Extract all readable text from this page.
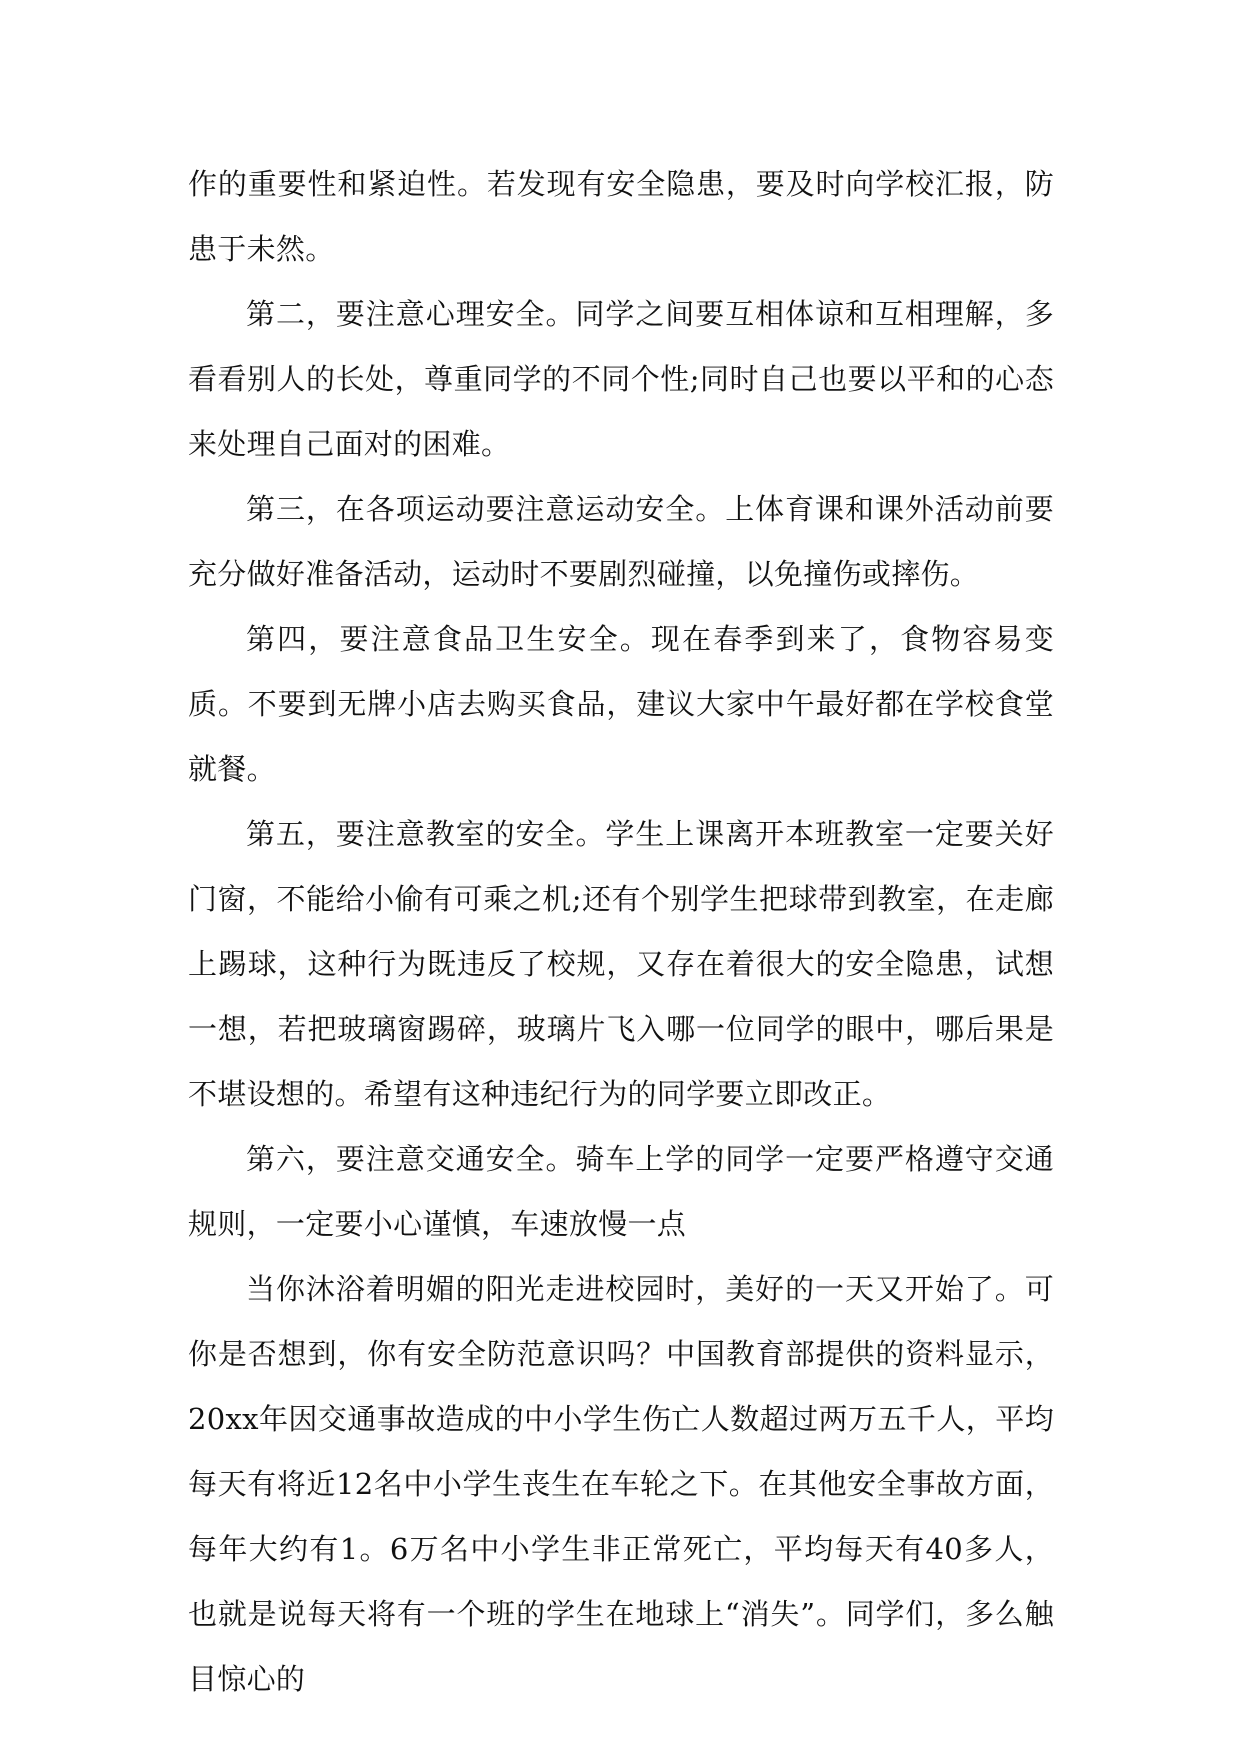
作的重要性和紧迫性。若发现有安全隐患，要及时向学校汇报，防患于未然。

第二，要注意心理安全。同学之间要互相体谅和互相理解，多看看别人的长处，尊重同学的不同个性;同时自己也要以平和的心态来处理自己面对的困难。

第三，在各项运动要注意运动安全。上体育课和课外活动前要充分做好准备活动，运动时不要剧烈碰撞，以免撞伤或摔伤。

第四，要注意食品卫生安全。现在春季到来了，食物容易变质。不要到无牌小店去购买食品，建议大家中午最好都在学校食堂就餐。

第五，要注意教室的安全。学生上课离开本班教室一定要关好门窗，不能给小偷有可乘之机;还有个别学生把球带到教室，在走廊上踢球，这种行为既违反了校规，又存在着很大的安全隐患，试想一想，若把玻璃窗踢碎，玻璃片飞入哪一位同学的眼中，哪后果是不堪设想的。希望有这种违纪行为的同学要立即改正。

第六，要注意交通安全。骑车上学的同学一定要严格遵守交通规则，一定要小心谨慎，车速放慢一点

当你沐浴着明媚的阳光走进校园时，美好的一天又开始了。可你是否想到，你有安全防范意识吗？中国教育部提供的资料显示，20xx年因交通事故造成的中小学生伤亡人数超过两万五千人，平均每天有将近12名中小学生丧生在车轮之下。在其他安全事故方面，每年大约有1。6万名中小学生非正常死亡，平均每天有40多人，也就是说每天将有一个班的学生在地球上“消失”。同学们，多么触目惊心的
